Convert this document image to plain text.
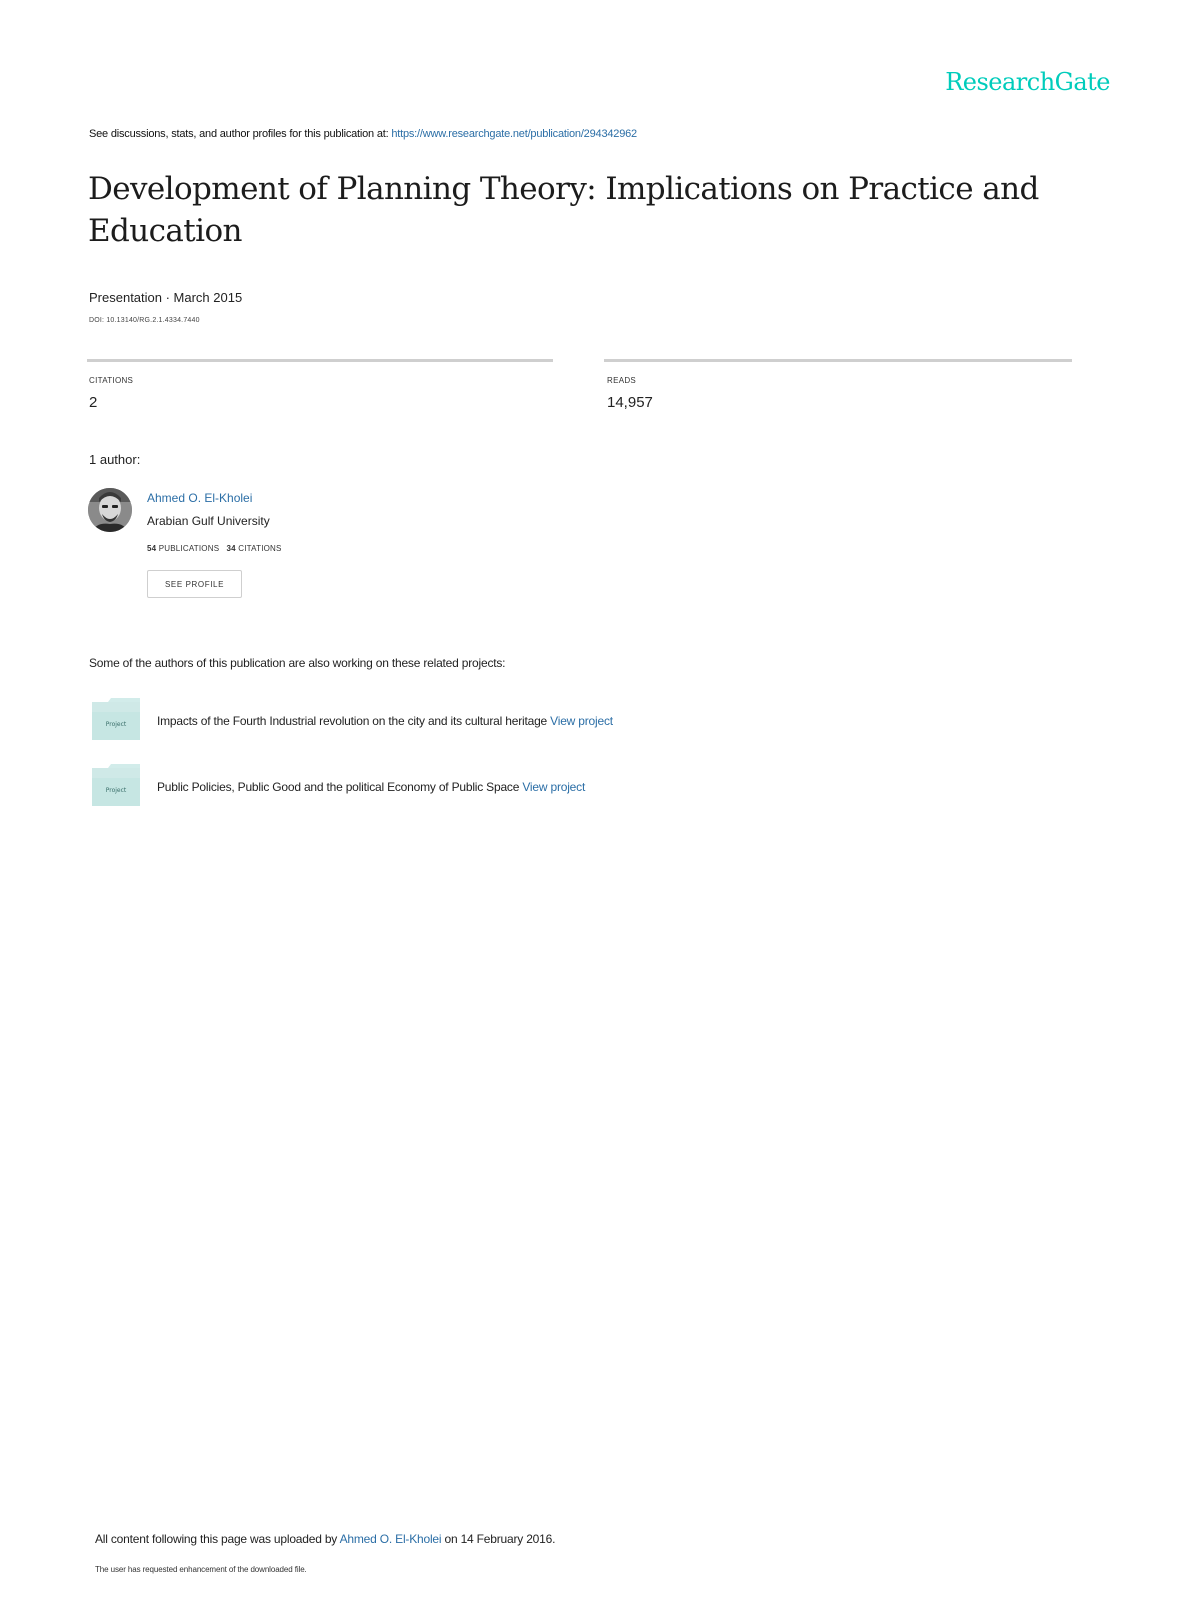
ResearchGate
See discussions, stats, and author profiles for this publication at: https://www.researchgate.net/publication/294342962
Development of Planning Theory: Implications on Practice and Education
Presentation · March 2015
DOI: 10.13140/RG.2.1.4334.7440
CITATIONS
2
READS
14,957
1 author:
Ahmed O. El-Kholei
Arabian Gulf University
54 PUBLICATIONS 34 CITATIONS
SEE PROFILE
Some of the authors of this publication are also working on these related projects:
Project	Impacts of the Fourth Industrial revolution on the city and its cultural heritage View project
Project	Public Policies, Public Good and the political Economy of Public Space View project
All content following this page was uploaded by Ahmed O. El-Kholei on 14 February 2016.
The user has requested enhancement of the downloaded file.
